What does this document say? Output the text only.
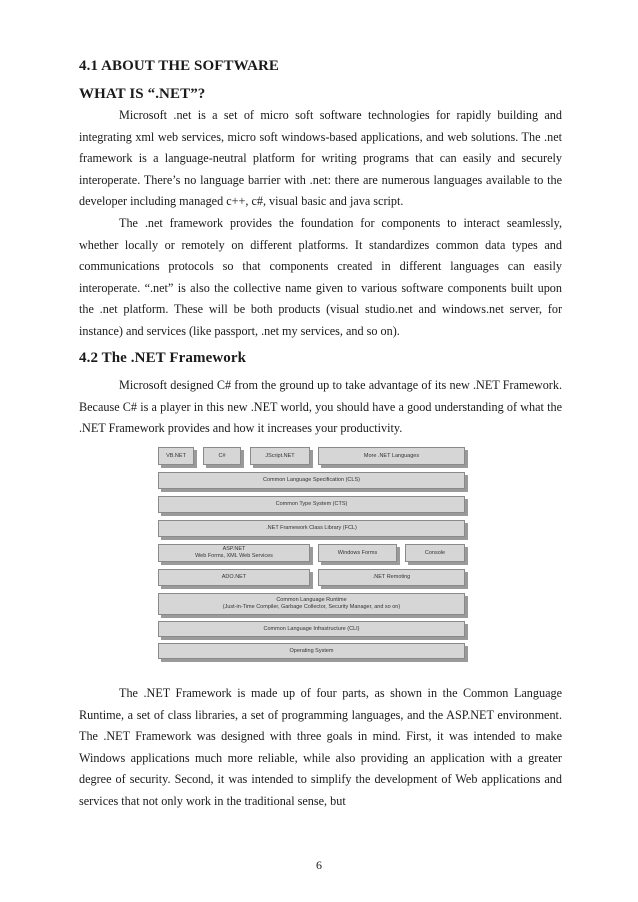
4.1 ABOUT THE SOFTWARE
WHAT IS “.NET”?
Microsoft .net is a set of micro soft software technologies for rapidly building and integrating xml web services, micro soft windows-based applications, and web solutions. The .net framework is a language-neutral platform for writing programs that can easily and securely interoperate. There’s no language barrier with .net: there are numerous languages available to the developer including managed c++, c#, visual basic and java script.
The .net framework provides the foundation for components to interact seamlessly, whether locally or remotely on different platforms. It standardizes common data types and communications protocols so that components created in different languages can easily interoperate. “.net” is also the collective name given to various software components built upon the .net platform. These will be both products (visual studio.net and windows.net server, for instance) and services (like passport, .net my services, and so on).
4.2 The .NET Framework
Microsoft designed C# from the ground up to take advantage of its new .NET Framework. Because C# is a player in this new .NET world, you should have a good understanding of what the .NET Framework provides and how it increases your productivity.
VB.NET	C#	JScript.NET	More .NET Languages
Common Language Specification (CLS)
Common Type System (CTS)
.NET Framework Class Library (FCL)
ASP.NET
Web Forms, XML Web Services
Windows Forms	Console
ADO.NET	.NET Remoting
Common Language Runtime
(Just-in-Time Compiler, Garbage Collector, Security Manager, and so on)
Common Language Infrastructure (CLI)
Operating System
The .NET Framework is made up of four parts, as shown in the Common Language Runtime, a set of class libraries, a set of programming languages, and the ASP.NET environment. The .NET Framework was designed with three goals in mind. First, it was intended to make Windows applications much more reliable, while also providing an application with a greater degree of security. Second, it was intended to simplify the development of Web applications and services that not only work in the traditional sense, but
6
